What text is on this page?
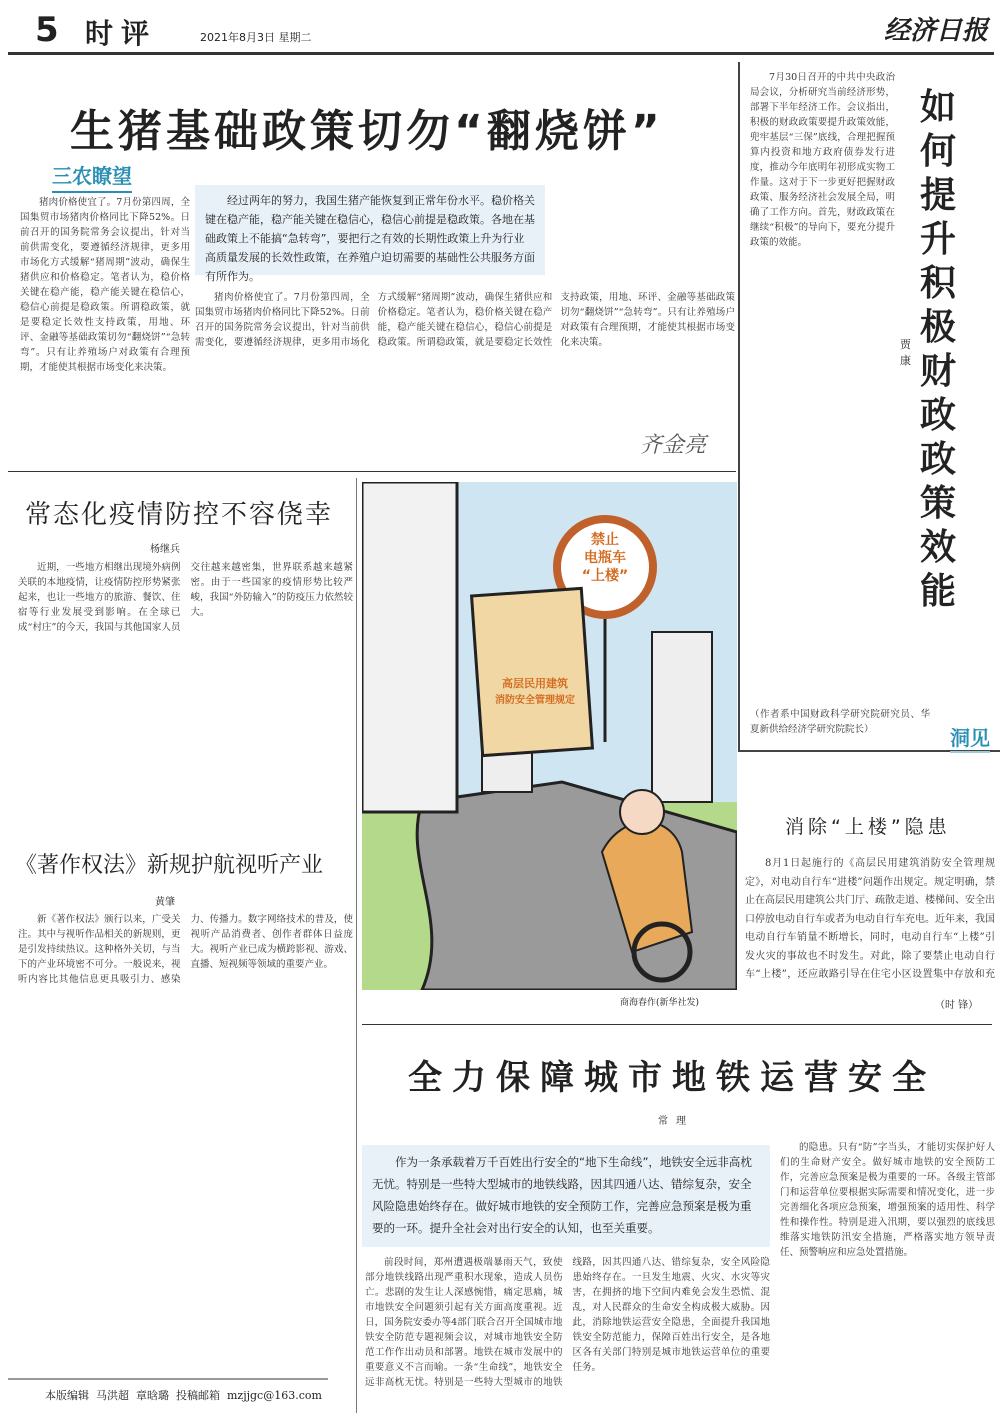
5 时评	2021年8月3日 星期二	经济日报

7月30日召开的中共中央政治局会议，分析研究当前经济形势，部署下半年经济工作。会议指出，积极的财政政策要提升政策效能，兜牢基层“三保”底线，合理把握预算内投资和地方政府债券发行进度，推动今年底明年初形成实物工作量。这对于下一步更好把握财政政策、服务经济社会发展全局，明确了工作方向。首先，财政政策在继续“积极”的导向下，要充分提升政策的效能。

贾康
如何提升积极财政政策效能
（作者系中国财政科学研究院研究员、华夏新供给经济学研究院院长）	洞见
生猪基础政策切勿“翻烧饼”
三农瞭望
经过两年的努力，我国生猪产能恢复到正常年份水平。稳价格关键在稳产能，稳产能关键在稳信心，稳信心前提是稳政策。各地在基础政策上不能搞“急转弯”，要把行之有效的长期性政策上升为行业高质量发展的长效性政策，在养殖户迫切需要的基础性公共服务方面有所作为。

猪肉价格使宜了。7月份第四周，全国集贸市场猪肉价格同比下降52%。日前召开的国务院常务会议提出，针对当前供需变化，要遵循经济规律，更多用市场化方式缓解“猪周期”波动，确保生猪供应和价格稳定。笔者认为，稳价格关键在稳产能，稳产能关键在稳信心，稳信心前提是稳政策。所谓稳政策，就是要稳定长效性支持政策，用地、环评、金融等基础政策切勿“翻烧饼”“急转弯”。只有让养殖场户对政策有合理预期，才能使其根据市场变化来决策。

猪肉价格使宜了。7月份第四周，全国集贸市场猪肉价格同比下降52%。日前召开的国务院常务会议提出，针对当前供需变化，要遵循经济规律，更多用市场化方式缓解“猪周期”波动，确保生猪供应和价格稳定。笔者认为，稳价格关键在稳产能，稳产能关键在稳信心，稳信心前提是稳政策。所谓稳政策，就是要稳定长效性支持政策，用地、环评、金融等基础政策切勿“翻烧饼”“急转弯”。只有让养殖场户对政策有合理预期，才能使其根据市场变化来决策。

齐金亮
常态化疫情防控不容侥幸
杨继兵

近期，一些地方相继出现境外病例关联的本地疫情，让疫情防控形势紧张起来，也让一些地方的旅游、餐饮、住宿等行业发展受到影响。在全球已成“村庄”的今天，我国与其他国家人员交往越来越密集，世界联系越来越紧密。由于一些国家的疫情形势比较严峻，我国“外防输入”的防疫压力依然较大。

《著作权法》新规护航视听产业
黄肇

新《著作权法》颁行以来，广受关注。其中与视听作品相关的新规则，更是引发持续热议。这种格外关切，与当下的产业环境密不可分。一般说来，视听内容比其他信息更具吸引力、感染力、传播力。数字网络技术的普及，使视听产品消费者、创作者群体日益庞大。视听产业已成为横跨影视、游戏、直播、短视频等领域的重要产业。

本版编辑  马洪超  章晗璐  投稿邮箱  mzjjgc@163.com
禁止
电瓶车
“上楼”
高层民用建筑
消防安全管理规定
商海春作(新华社发)
消除“上楼”隐患

8月1日起施行的《高层民用建筑消防安全管理规定》，对电动自行车“进楼”问题作出规定。规定明确，禁止在高层民用建筑公共门厅、疏散走道、楼梯间、安全出口停放电动自行车或者为电动自行车充电。近年来，我国电动自行车销量不断增长，同时，电动自行车“上楼”引发火灾的事故也不时发生。对此，除了要禁止电动自行车“上楼”，还应敢路引导在住宅小区设置集中存放和充

（时 锋）
全力保障城市地铁运营安全
常理
作为一条承载着万千百姓出行安全的“地下生命线”，地铁安全远非高枕无忧。特别是一些特大型城市的地铁线路，因其四通八达、错综复杂，安全风险隐患始终存在。做好城市地铁的安全预防工作，完善应急预案是极为重要的一环。提升全社会对出行安全的认知，也至关重要。

前段时间，郑州遭遇极端暴雨天气，致使部分地铁线路出现严重积水现象，造成人员伤亡。悲剧的发生让人深感惋惜，痛定思痛，城市地铁安全问题须引起有关方面高度重视。近日，国务院安委办等4部门联合召开全国城市地铁安全防范专题视频会议，对城市地铁安全防范工作作出动员和部署。地铁在城市发展中的重要意义不言而喻。一条“生命线”，地铁安全远非高枕无忧。特别是一些特大型城市的地铁线路，因其四通八达、错综复杂，安全风险隐患始终存在。一旦发生地震、火灾、水灾等灾害，在拥挤的地下空间内难免会发生恐慌、混乱，对人民群众的生命安全构成极大威胁。因此，消除地铁运营安全隐患，全面提升我国地铁安全防范能力，保障百姓出行安全，是各地区各有关部门特别是城市地铁运营单位的重要任务。

的隐患。只有“防”字当头，才能切实保护好人们的生命财产安全。做好城市地铁的安全预防工作，完善应急预案是极为重要的一环。各级主管部门和运营单位要根据实际需要和情况变化，进一步完善细化各项应急预案，增强预案的适用性、科学性和操作性。特别是进入汛期，要以强烈的底线思维落实地铁防汛安全措施，严格落实地方领导责任、预警响应和应急处置措施。
